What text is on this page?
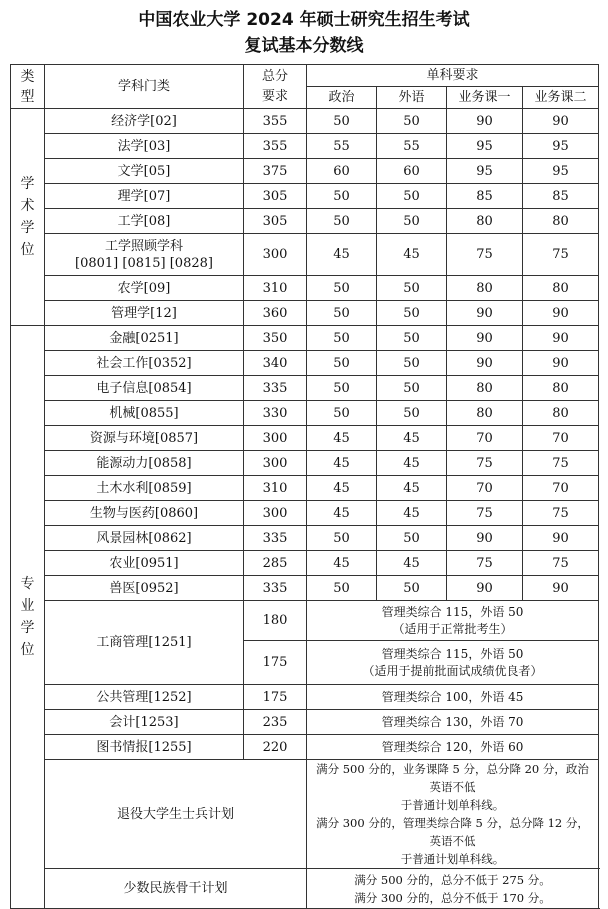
中国农业大学 2024 年硕士研究生招生考试
复试基本分数线
类
型	学科门类	总分
要求	单科要求			
			政治	外语	业务课一	业务课二

学
术
学
位	经济学[02]	355	50	50	90	90
	法学[03]	355	55	55	95	95
	文学[05]	375	60	60	95	95
	理学[07]	305	50	50	85	85
	工学[08]	305	50	50	80	80

	工学照顾学科
[0801] [0815] [0828]	300	45	45	75	75
	农学[09]	310	50	50	80	80
	管理学[12]	360	50	50	90	90

专
业
学
位	金融[0251]	350	50	50	90	90
	社会工作[0352]	340	50	50	90	90
	电子信息[0854]	335	50	50	80	80
	机械[0855]	330	50	50	80	80
	资源与环境[0857]	300	45	45	70	70
	能源动力[0858]	300	45	45	75	75
	土木水利[0859]	310	45	45	70	70
	生物与医药[0860]	300	45	45	75	75
	风景园林[0862]	335	50	50	90	90
	农业[0951]	285	45	45	75	75
	兽医[0952]	335	50	50	90	90
	工商管理[1251]	180	管理类综合 115，外语 50
（适用于正常批考生）			

		175	管理类综合 115，外语 50
（适用于提前批面试成绩优良者）			

	公共管理[1252]	175	管理类综合 100，外语 45			
	会计[1253]	235	管理类综合 130，外语 70			
	图书情报[1255]	220	管理类综合 120，外语 60			
	退役大学生士兵计划		满分 500 分的，业务课降 5 分，总分降 20 分，政治英语不低
于普通计划单科线。
满分 300 分的，管理类综合降 5 分，总分降 12 分，英语不低
于普通计划单科线。			

	少数民族骨干计划		满分 500 分的，总分不低于 275 分。
满分 300 分的，总分不低于 170 分。			
